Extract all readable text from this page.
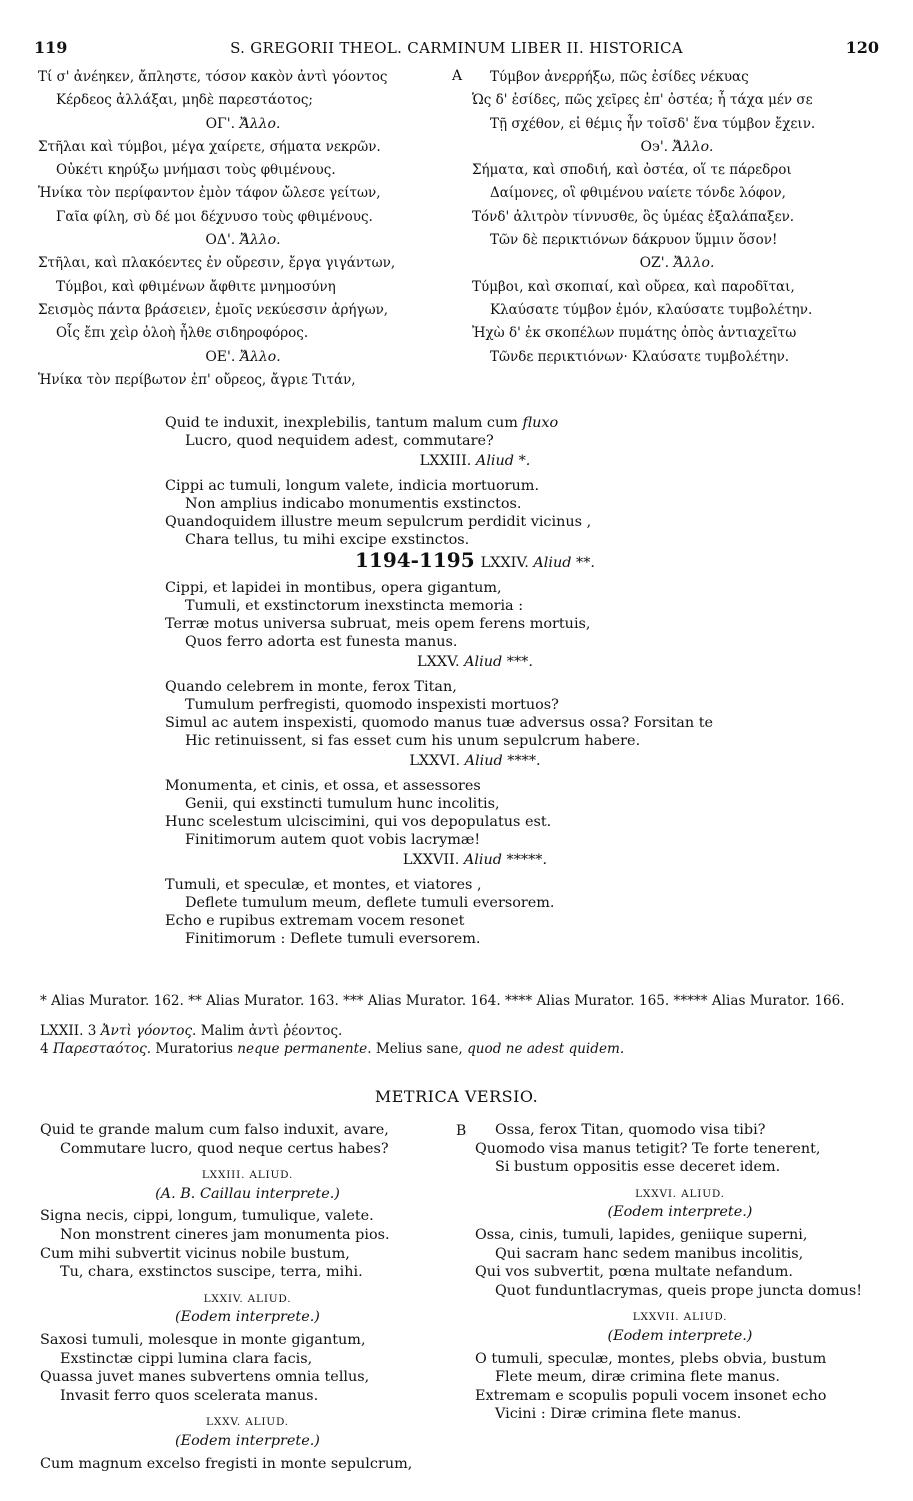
119	S. GREGORII THEOL. CARMINUM LIBER II. HISTORICA	120
Τί σ' ἀνέηκεν, ἄπληστε, τόσον κακὸν ἀντὶ γόοντος
Κέρδεος ἀλλάξαι, μηδὲ παρεστάοτος;
ΟΓ'. Ἄλλο.
Στῆλαι καὶ τύμβοι, μέγα χαίρετε, σήματα νεκρῶν.
Οὐκέτι κηρύξω μνήμασι τοὺς φθιμένους.
Ἡνίκα τὸν περίφαντον ἐμὸν τάφον ὤλεσε γείτων,
Γαῖα φίλη, σὺ δέ μοι δέχνυσο τοὺς φθιμένους.
ΟΔ'. Ἄλλο.
Στῆλαι, καὶ πλακόεντες ἐν οὔρεσιν, ἔργα γιγάντων,
Τύμβοι, καὶ φθιμένων ἄφθιτε μνημοσύνη
Σεισμὸς πάντα βράσειεν, ἐμοῖς νεκύεσσιν ἀρήγων,
Οἷς ἔπι χεὶρ ὀλοὴ ἦλθε σιδηροφόρος.
ΟΕ'. Ἄλλο.
Ἡνίκα τὸν περίβωτον ἐπ' οὔρεος, ἄγριε Τιτάν,
A	Τύμβον ἀνερρήξω, πῶς ἐσίδες νέκυας
Ὡς δ' ἐσίδες, πῶς χεῖρες ἐπ' ὀστέα; ἦ τάχα μέν σε
Τῇ σχέθον, εἰ θέμις ἦν τοῖσδ' ἕνα τύμβον ἔχειν.
Ο϶'. Ἄλλο.
Σήματα, καὶ σποδιή, καὶ ὀστέα, οἵ τε πάρεδροι
Δαίμονες, οἳ φθιμένου ναίετε τόνδε λόφον,
Τόνδ' ἀλιτρὸν τίννυσθε, ὃς ὑμέας ἐξαλάπαξεν.
Τῶν δὲ περικτιόνων δάκρυον ὕμμιν ὅσον!
ΟΖ'. Ἄλλο.
Τύμβοι, καὶ σκοπιαί, καὶ οὔρεα, καὶ παροδῖται,
Κλαύσατε τύμβον ἐμόν, κλαύσατε τυμβολέτην.
Ἠχὼ δ' ἐκ σκοπέλων πυμάτης ὀπὸς ἀντιαχεῖτω
Τῶνδε περικτιόνων· Κλαύσατε τυμβολέτην.
Quid te induxit, inexplebilis, tantum malum cum fluxo
Lucro, quod nequidem adest, commutare?
LXXIII. Aliud *.
Cippi ac tumuli, longum valete, indicia mortuorum.
Non amplius indicabo monumentis exstinctos.
Quandoquidem illustre meum sepulcrum perdidit vicinus ,
Chara tellus, tu mihi excipe exstinctos.
1194-1195 LXXIV. Aliud **.
Cippi, et lapidei in montibus, opera gigantum,
Tumuli, et exstinctorum inexstincta memoria :
Terræ motus universa subruat, meis opem ferens mortuis,
Quos ferro adorta est funesta manus.
LXXV. Aliud ***.
Quando celebrem in monte, ferox Titan,
Tumulum perfregisti, quomodo inspexisti mortuos?
Simul ac autem inspexisti, quomodo manus tuæ adversus ossa? Forsitan te
Hic retinuissent, si fas esset cum his unum sepulcrum habere.
LXXVI. Aliud ****.
Monumenta, et cinis, et ossa, et assessores
Genii, qui exstincti tumulum hunc incolitis,
Hunc scelestum ulciscimini, qui vos depopulatus est.
Finitimorum autem quot vobis lacrymæ!
LXXVII. Aliud *****.
Tumuli, et speculæ, et montes, et viatores ,
Deflete tumulum meum, deflete tumuli eversorem.
Echo e rupibus extremam vocem resonet
Finitimorum : Deflete tumuli eversorem.

* Alias Murator. 162. ** Alias Murator. 163. *** Alias Murator. 164. **** Alias Murator. 165. ***** Alias Murator. 166.

LXXII. 3 Ἀντὶ γόοντος. Malim ἀντὶ ῥέοντος.

4 Παρεσταότος. Muratorius neque permanente. Melius sane, quod ne adest quidem.

METRICA VERSIO.
Quid te grande malum cum falso induxit, avare,
Commutare lucro, quod neque certus habes?
LXXIII. ALIUD.
(A. B. Caillau interprete.)
Signa necis, cippi, longum, tumulique, valete.
Non monstrent cineres jam monumenta pios.
Cum mihi subvertit vicinus nobile bustum,
Tu, chara, exstinctos suscipe, terra, mihi.
LXXIV. ALIUD.
(Eodem interprete.)
Saxosi tumuli, molesque in monte gigantum,
Exstinctæ cippi lumina clara facis,
Quassa juvet manes subvertens omnia tellus,
Invasit ferro quos scelerata manus.
LXXV. ALIUD.
(Eodem interprete.)
Cum magnum excelso fregisti in monte sepulcrum,
B	Ossa, ferox Titan, quomodo visa tibi?
Quomodo visa manus tetigit? Te forte tenerent,
Si bustum oppositis esse deceret idem.
LXXVI. ALIUD.
(Eodem interprete.)
Ossa, cinis, tumuli, lapides, geniique superni,
Qui sacram hanc sedem manibus incolitis,
Qui vos subvertit, pœna multate nefandum.
Quot funduntlacrymas, queis prope juncta domus!
LXXVII. ALIUD.
(Eodem interprete.)
O tumuli, speculæ, montes, plebs obvia, bustum
Flete meum, diræ crimina flete manus.
Extremam e scopulis populi vocem insonet echo
Vicini : Diræ crimina flete manus.
